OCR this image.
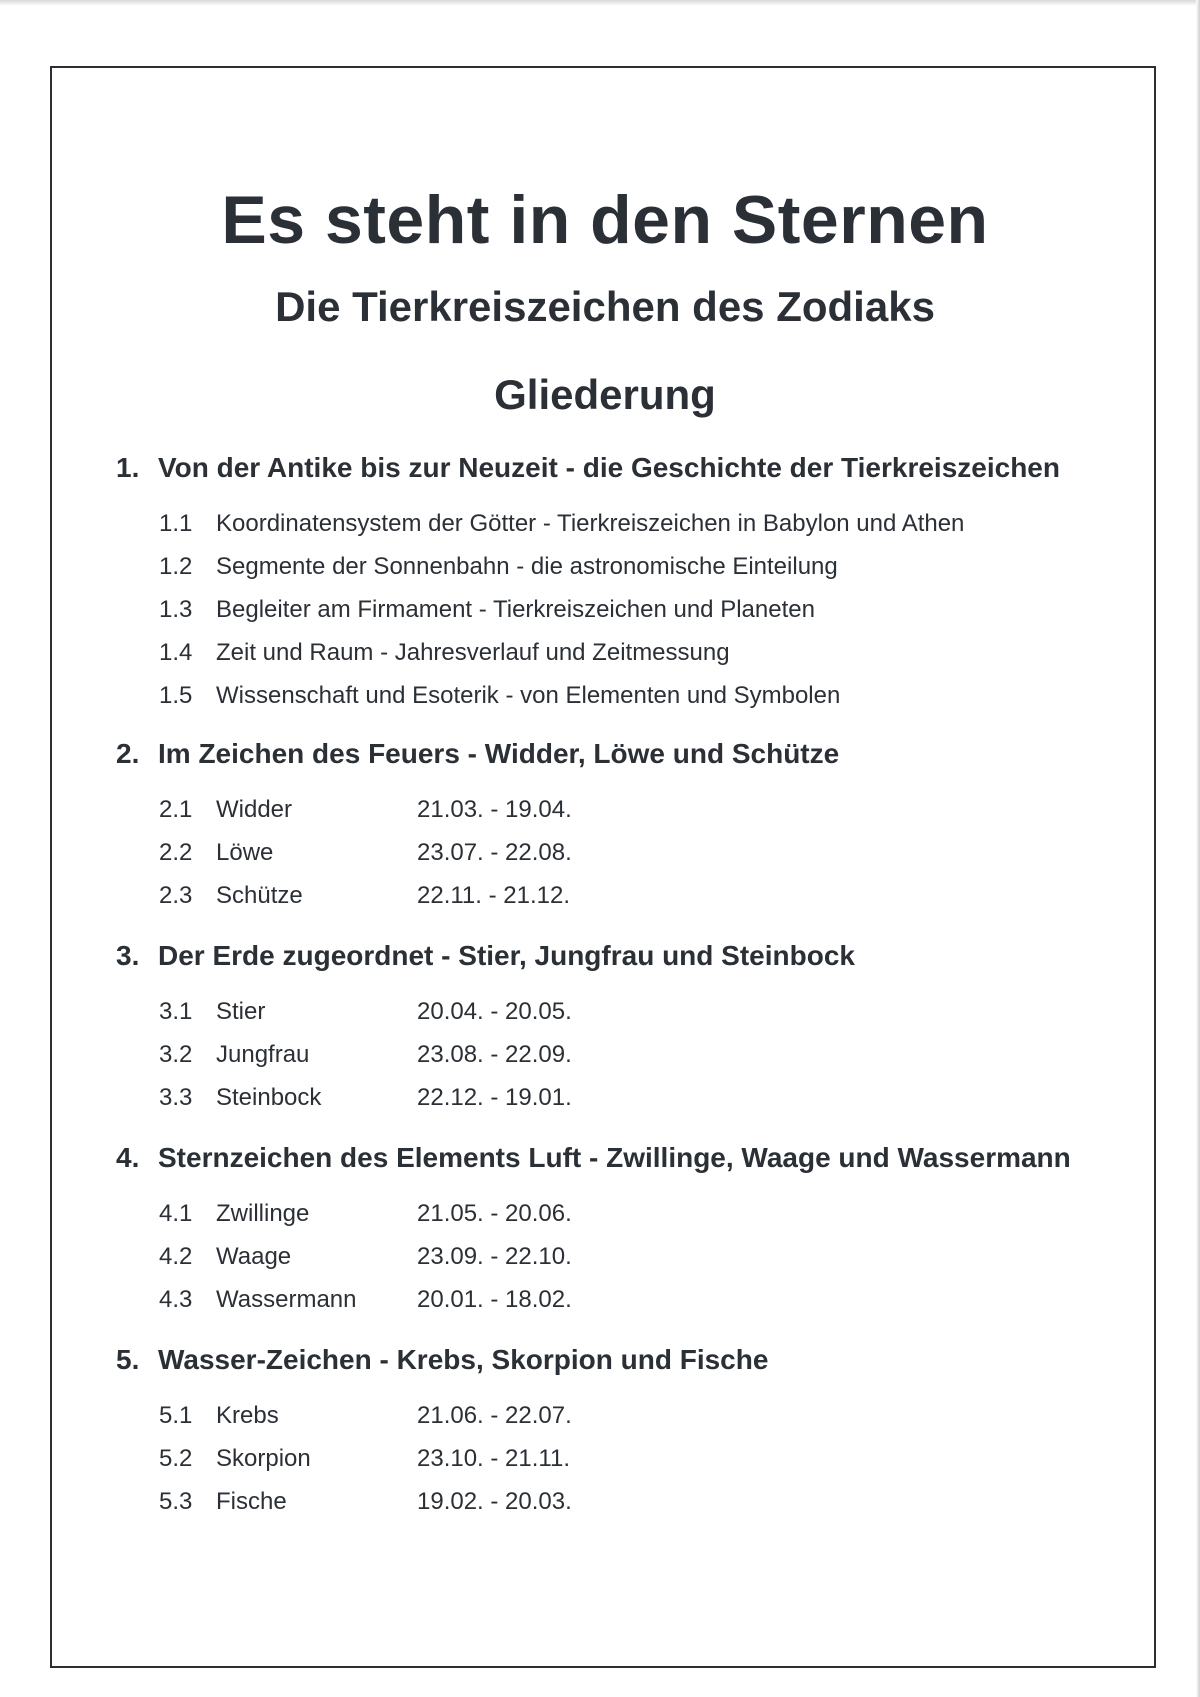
Es steht in den Sternen
Die Tierkreiszeichen des Zodiaks
Gliederung
1. Von der Antike bis zur Neuzeit - die Geschichte der Tierkreiszeichen
1.1 Koordinatensystem der Götter - Tierkreiszeichen in Babylon und Athen
1.2 Segmente der Sonnenbahn - die astronomische Einteilung
1.3 Begleiter am Firmament - Tierkreiszeichen und Planeten
1.4 Zeit und Raum - Jahresverlauf und Zeitmessung
1.5 Wissenschaft und Esoterik - von Elementen und Symbolen
2. Im Zeichen des Feuers - Widder, Löwe und Schütze
2.1 Widder	21.03. - 19.04.
2.2 Löwe	23.07. - 22.08.
2.3 Schütze	22.11. - 21.12.
3. Der Erde zugeordnet - Stier, Jungfrau und Steinbock
3.1 Stier	20.04. - 20.05.
3.2 Jungfrau	23.08. - 22.09.
3.3 Steinbock	22.12. - 19.01.
4. Sternzeichen des Elements Luft - Zwillinge, Waage und Wassermann
4.1 Zwillinge	21.05. - 20.06.
4.2 Waage	23.09. - 22.10.
4.3 Wassermann	20.01. - 18.02.
5. Wasser-Zeichen - Krebs, Skorpion und Fische
5.1 Krebs	21.06. - 22.07.
5.2 Skorpion	23.10. - 21.11.
5.3 Fische	19.02. - 20.03.
